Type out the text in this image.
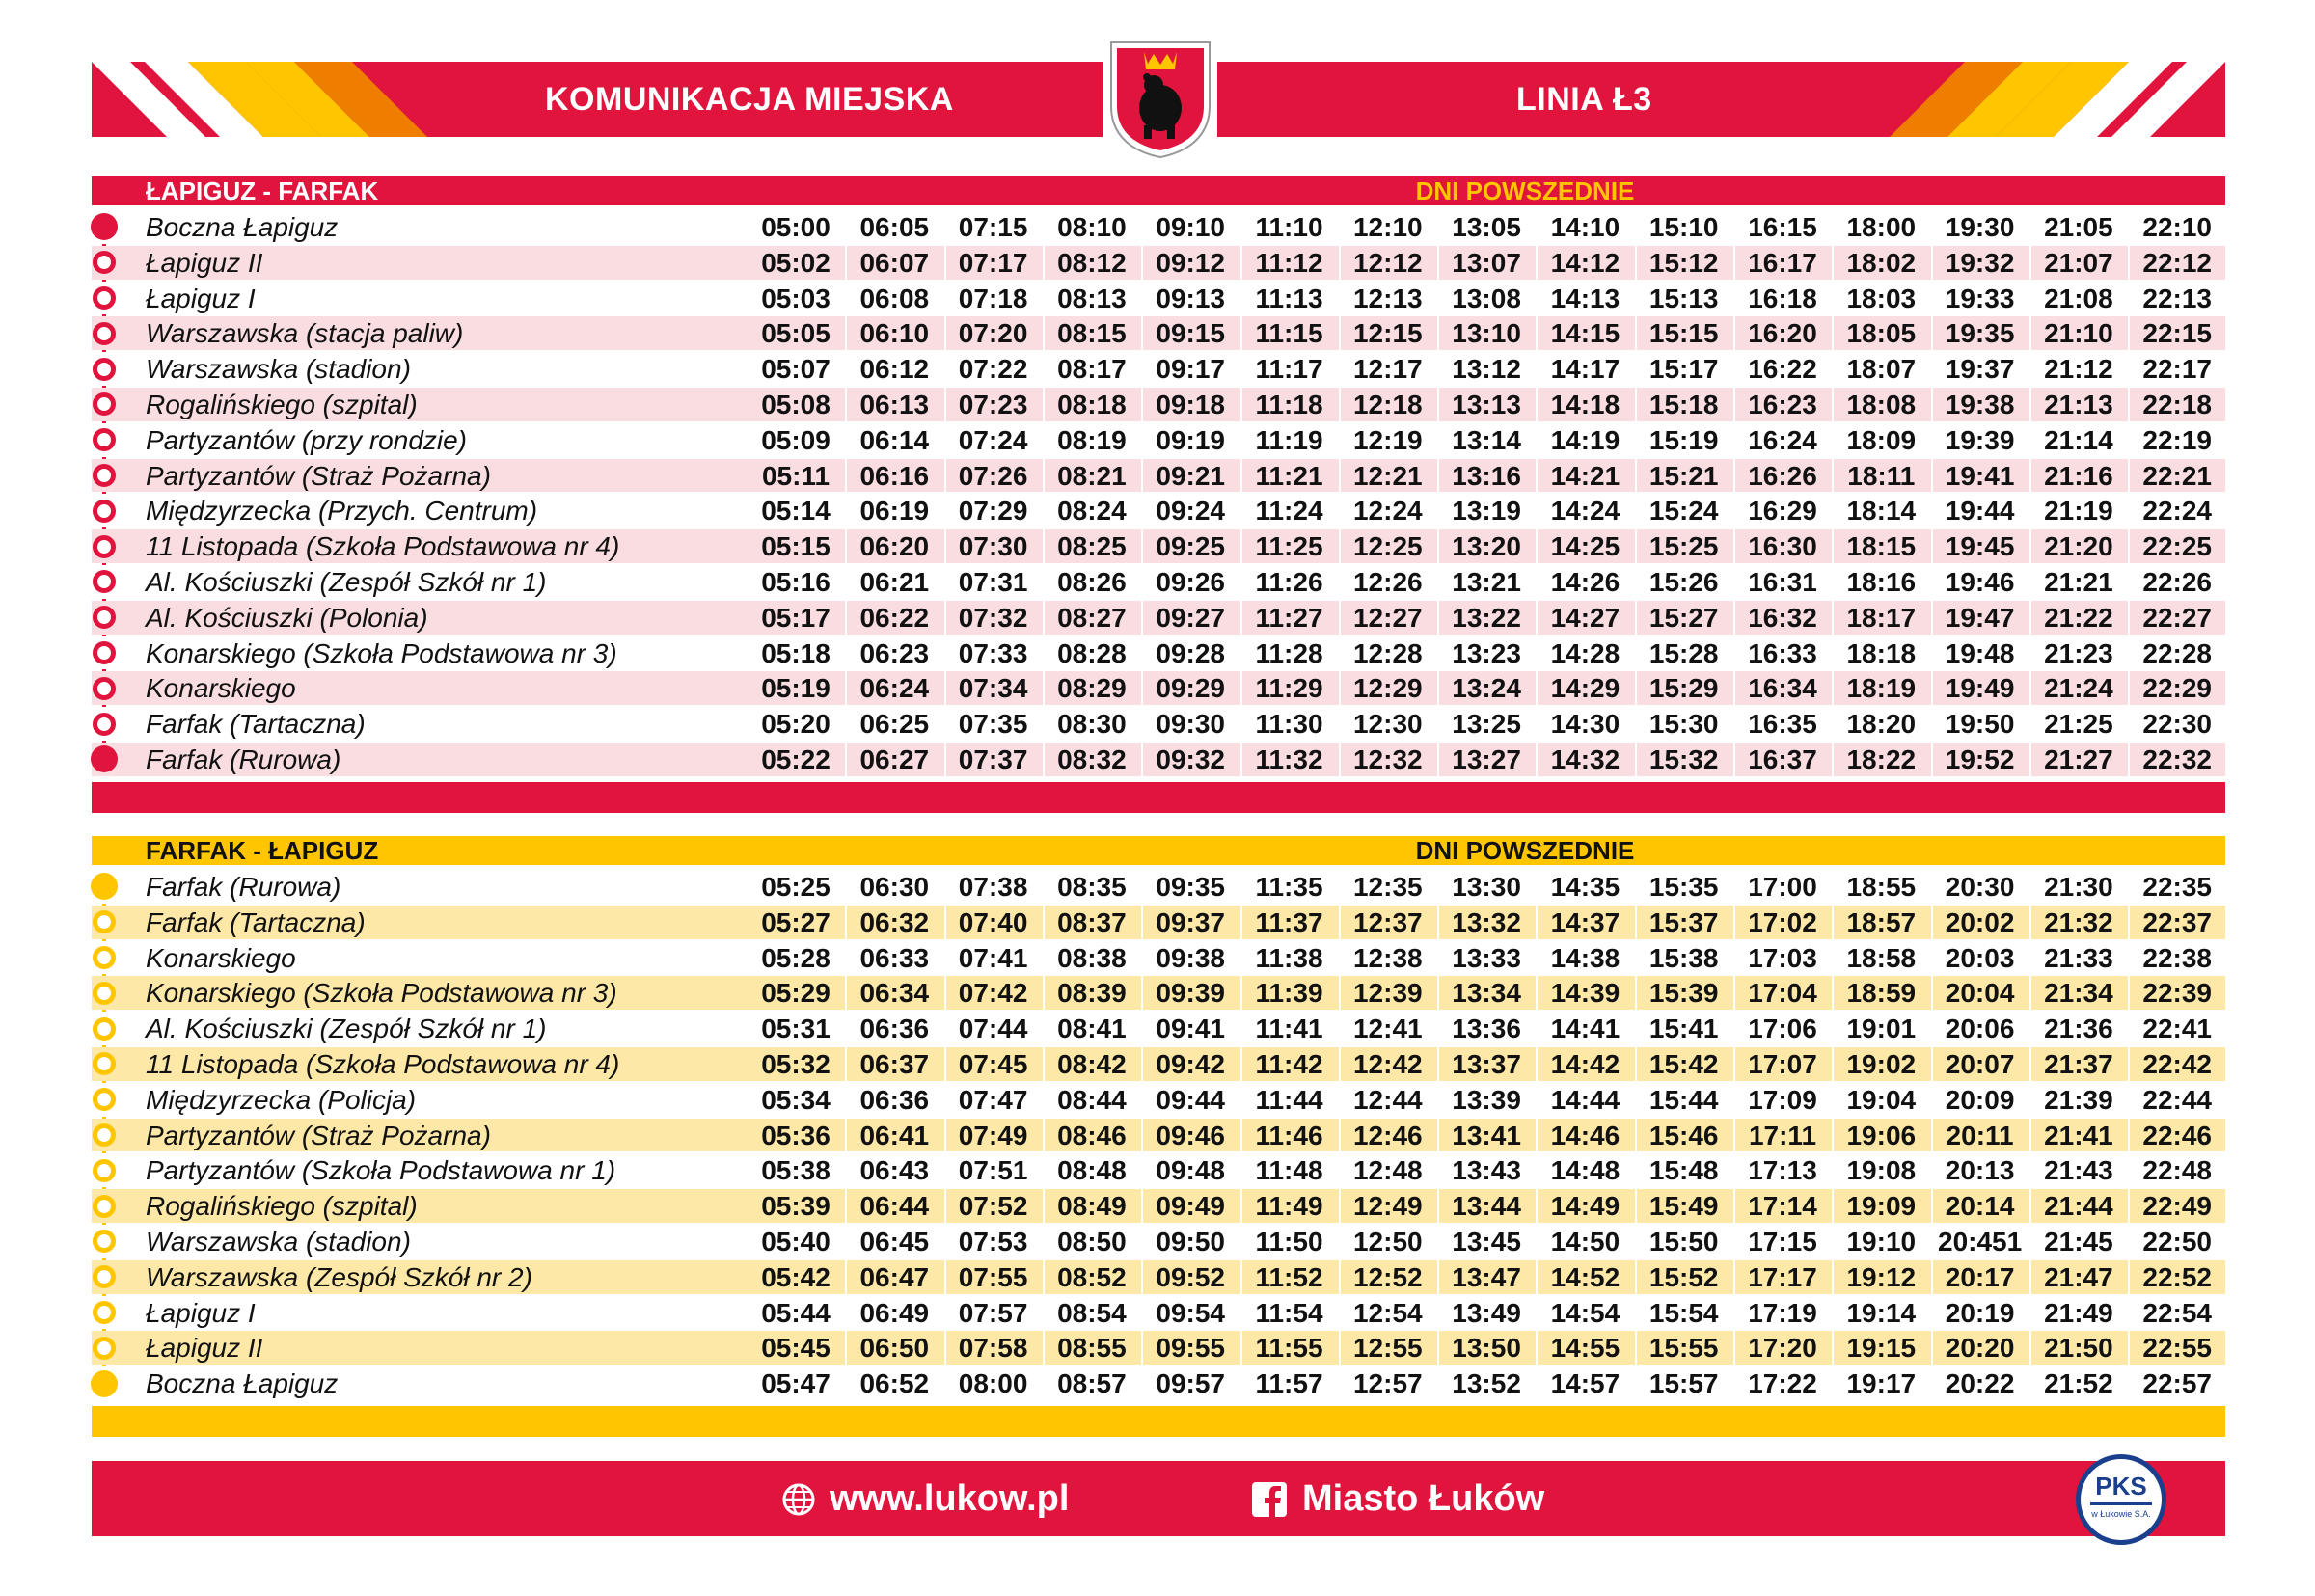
KOMUNIKACJA MIEJSKA	LINIA Ł3
ŁAPIGUZ - FARFAK	DNI POWSZEDNIE
Boczna Łapiguz	05:00	06:05	07:15	08:10	09:10	11:10	12:10	13:05	14:10	15:10	16:15	18:00	19:30	21:05	22:10
Łapiguz II	05:02	06:07	07:17	08:12	09:12	11:12	12:12	13:07	14:12	15:12	16:17	18:02	19:32	21:07	22:12
Łapiguz I	05:03	06:08	07:18	08:13	09:13	11:13	12:13	13:08	14:13	15:13	16:18	18:03	19:33	21:08	22:13
Warszawska (stacja paliw)	05:05	06:10	07:20	08:15	09:15	11:15	12:15	13:10	14:15	15:15	16:20	18:05	19:35	21:10	22:15
Warszawska (stadion)	05:07	06:12	07:22	08:17	09:17	11:17	12:17	13:12	14:17	15:17	16:22	18:07	19:37	21:12	22:17
Rogalińskiego (szpital)	05:08	06:13	07:23	08:18	09:18	11:18	12:18	13:13	14:18	15:18	16:23	18:08	19:38	21:13	22:18
Partyzantów (przy rondzie)	05:09	06:14	07:24	08:19	09:19	11:19	12:19	13:14	14:19	15:19	16:24	18:09	19:39	21:14	22:19
Partyzantów (Straż Pożarna)	05:11	06:16	07:26	08:21	09:21	11:21	12:21	13:16	14:21	15:21	16:26	18:11	19:41	21:16	22:21
Międzyrzecka (Przych. Centrum)	05:14	06:19	07:29	08:24	09:24	11:24	12:24	13:19	14:24	15:24	16:29	18:14	19:44	21:19	22:24
11 Listopada (Szkoła Podstawowa nr 4)	05:15	06:20	07:30	08:25	09:25	11:25	12:25	13:20	14:25	15:25	16:30	18:15	19:45	21:20	22:25
Al. Kościuszki (Zespół Szkół nr 1)	05:16	06:21	07:31	08:26	09:26	11:26	12:26	13:21	14:26	15:26	16:31	18:16	19:46	21:21	22:26
Al. Kościuszki (Polonia)	05:17	06:22	07:32	08:27	09:27	11:27	12:27	13:22	14:27	15:27	16:32	18:17	19:47	21:22	22:27
Konarskiego (Szkoła Podstawowa nr 3)	05:18	06:23	07:33	08:28	09:28	11:28	12:28	13:23	14:28	15:28	16:33	18:18	19:48	21:23	22:28
Konarskiego	05:19	06:24	07:34	08:29	09:29	11:29	12:29	13:24	14:29	15:29	16:34	18:19	19:49	21:24	22:29
Farfak (Tartaczna)	05:20	06:25	07:35	08:30	09:30	11:30	12:30	13:25	14:30	15:30	16:35	18:20	19:50	21:25	22:30
Farfak (Rurowa)	05:22	06:27	07:37	08:32	09:32	11:32	12:32	13:27	14:32	15:32	16:37	18:22	19:52	21:27	22:32
FARFAK - ŁAPIGUZ	DNI POWSZEDNIE
Farfak (Rurowa)	05:25	06:30	07:38	08:35	09:35	11:35	12:35	13:30	14:35	15:35	17:00	18:55	20:30	21:30	22:35
Farfak (Tartaczna)	05:27	06:32	07:40	08:37	09:37	11:37	12:37	13:32	14:37	15:37	17:02	18:57	20:02	21:32	22:37
Konarskiego	05:28	06:33	07:41	08:38	09:38	11:38	12:38	13:33	14:38	15:38	17:03	18:58	20:03	21:33	22:38
Konarskiego (Szkoła Podstawowa nr 3)	05:29	06:34	07:42	08:39	09:39	11:39	12:39	13:34	14:39	15:39	17:04	18:59	20:04	21:34	22:39
Al. Kościuszki (Zespół Szkół nr 1)	05:31	06:36	07:44	08:41	09:41	11:41	12:41	13:36	14:41	15:41	17:06	19:01	20:06	21:36	22:41
11 Listopada (Szkoła Podstawowa nr 4)	05:32	06:37	07:45	08:42	09:42	11:42	12:42	13:37	14:42	15:42	17:07	19:02	20:07	21:37	22:42
Międzyrzecka (Policja)	05:34	06:36	07:47	08:44	09:44	11:44	12:44	13:39	14:44	15:44	17:09	19:04	20:09	21:39	22:44
Partyzantów (Straż Pożarna)	05:36	06:41	07:49	08:46	09:46	11:46	12:46	13:41	14:46	15:46	17:11	19:06	20:11	21:41	22:46
Partyzantów (Szkoła Podstawowa nr 1)	05:38	06:43	07:51	08:48	09:48	11:48	12:48	13:43	14:48	15:48	17:13	19:08	20:13	21:43	22:48
Rogalińskiego (szpital)	05:39	06:44	07:52	08:49	09:49	11:49	12:49	13:44	14:49	15:49	17:14	19:09	20:14	21:44	22:49
Warszawska (stadion)	05:40	06:45	07:53	08:50	09:50	11:50	12:50	13:45	14:50	15:50	17:15	19:10 20:451 21:45	22:50
Warszawska (Zespół Szkół nr 2)	05:42	06:47	07:55	08:52	09:52	11:52	12:52	13:47	14:52	15:52	17:17	19:12	20:17	21:47	22:52
Łapiguz I	05:44	06:49	07:57	08:54	09:54	11:54	12:54	13:49	14:54	15:54	17:19	19:14	20:19	21:49	22:54
Łapiguz II	05:45	06:50	07:58	08:55	09:55	11:55	12:55	13:50	14:55	15:55	17:20	19:15	20:20	21:50	22:55
Boczna Łapiguz	05:47	06:52	08:00	08:57	09:57	11:57	12:57	13:52	14:57	15:57	17:22	19:17	20:22	21:52	22:57
www.lukow.pl	Miasto Łuków	PKS
w Łukowie S.A.
